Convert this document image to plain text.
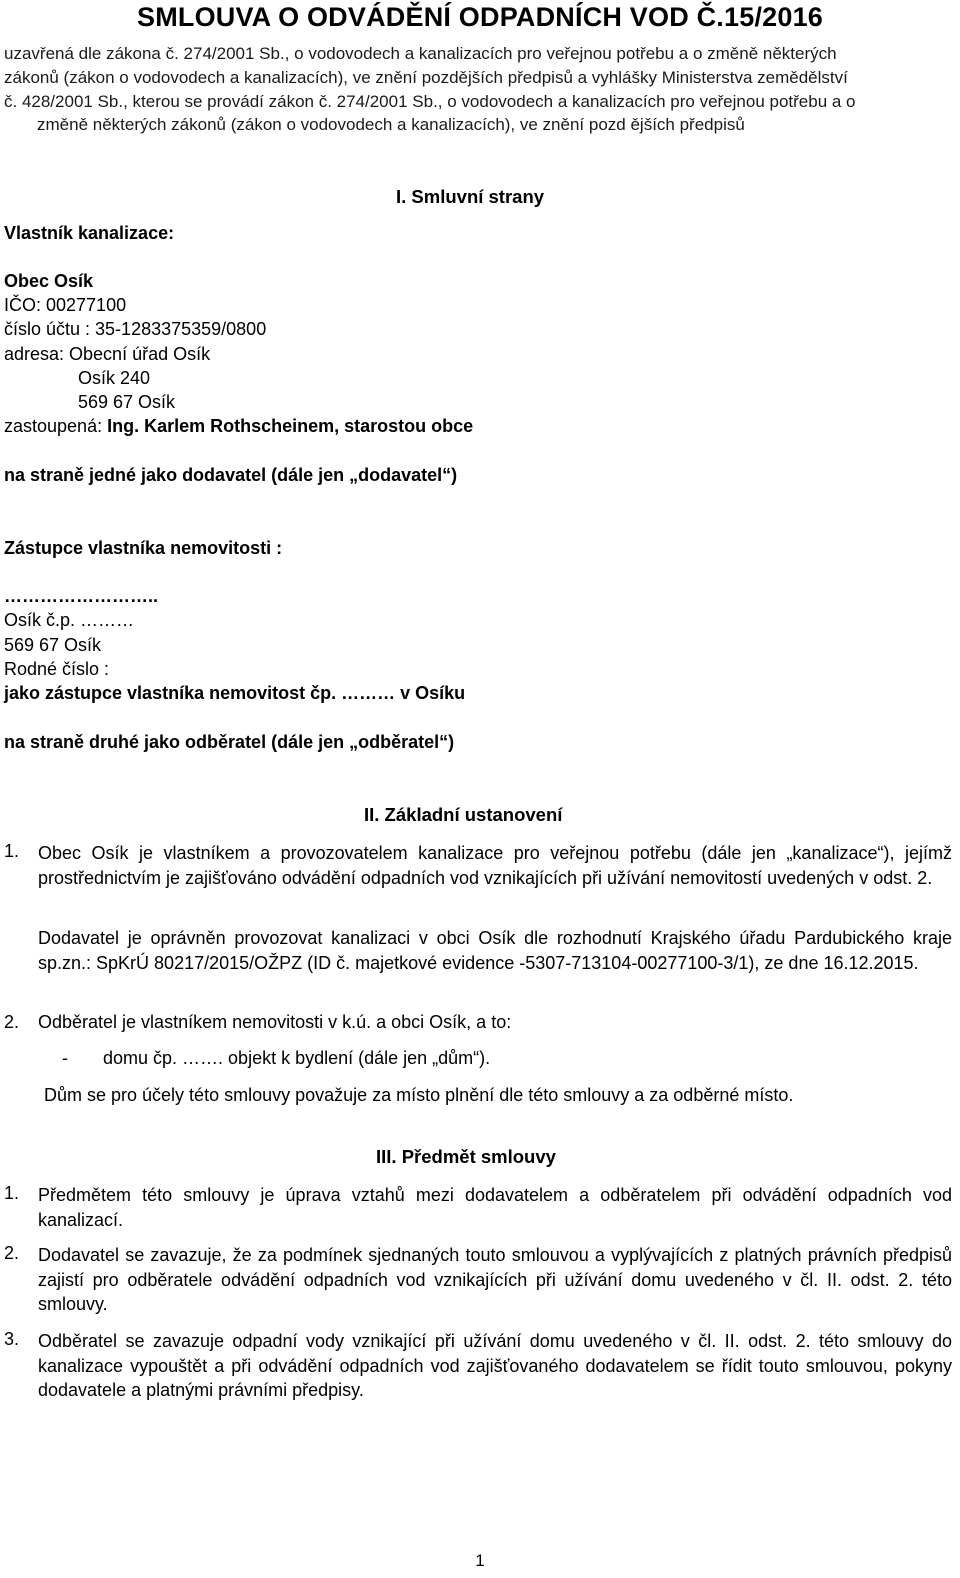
SMLOUVA O ODVÁDĚNÍ ODPADNÍCH VOD Č.15/2016
uzavřená dle zákona č. 274/2001 Sb., o vodovodech a kanalizacích pro veřejnou potřebu a o změně některých
zákonů (zákon o vodovodech a kanalizacích), ve znění pozdějších předpisů a vyhlášky Ministerstva zemědělství
č. 428/2001 Sb., kterou se provádí zákon č. 274/2001 Sb., o vodovodech a kanalizacích pro veřejnou potřebu a o
změně některých zákonů (zákon o vodovodech a kanalizacích), ve znění pozd ějších předpisů
I. Smluvní strany
Vlastník kanalizace:
Obec Osík
IČO: 00277100
číslo účtu : 35-1283375359/0800
adresa: Obecní úřad Osík
Osík 240
569 67 Osík
zastoupená: Ing. Karlem Rothscheinem, starostou obce
na straně jedné jako dodavatel (dále jen „dodavatel“)
Zástupce vlastníka nemovitosti :
……………………..
Osík č.p. ………
569 67 Osík
Rodné číslo :
jako zástupce vlastníka nemovitost čp. ……… v Osíku
na straně druhé jako odběratel (dále jen „odběratel“)
II. Základní ustanovení
1. Obec Osík je vlastníkem a provozovatelem kanalizace pro veřejnou potřebu (dále jen „kanalizace“), jejímž prostřednictvím je zajišťováno odvádění odpadních vod vznikajících při užívání nemovitostí uvedených v odst. 2.
Dodavatel je oprávněn provozovat kanalizaci v obci Osík dle rozhodnutí Krajského úřadu Pardubického kraje sp.zn.: SpKrÚ 80217/2015/OŽPZ (ID č. majetkové evidence -5307-713104-00277100-3/1), ze dne 16.12.2015.
2. Odběratel je vlastníkem nemovitosti v k.ú. a obci Osík, a to:
- domu čp. ……. objekt k bydlení (dále jen „dům“).
Dům se pro účely této smlouvy považuje za místo plnění dle této smlouvy a za odběrné místo.
III. Předmět smlouvy
1. Předmětem této smlouvy je úprava vztahů mezi dodavatelem a odběratelem při odvádění odpadních vod kanalizací.
2. Dodavatel se zavazuje, že za podmínek sjednaných touto smlouvou a vyplývajících z platných právních předpisů zajistí pro odběratele odvádění odpadních vod vznikajících při užívání domu uvedeného v čl. II. odst. 2. této smlouvy.
3. Odběratel se zavazuje odpadní vody vznikající při užívání domu uvedeného v čl. II. odst. 2. této smlouvy do kanalizace vypouštět a při odvádění odpadních vod zajišťovaného dodavatelem se řídit touto smlouvou, pokyny dodavatele a platnými právními předpisy.
1
